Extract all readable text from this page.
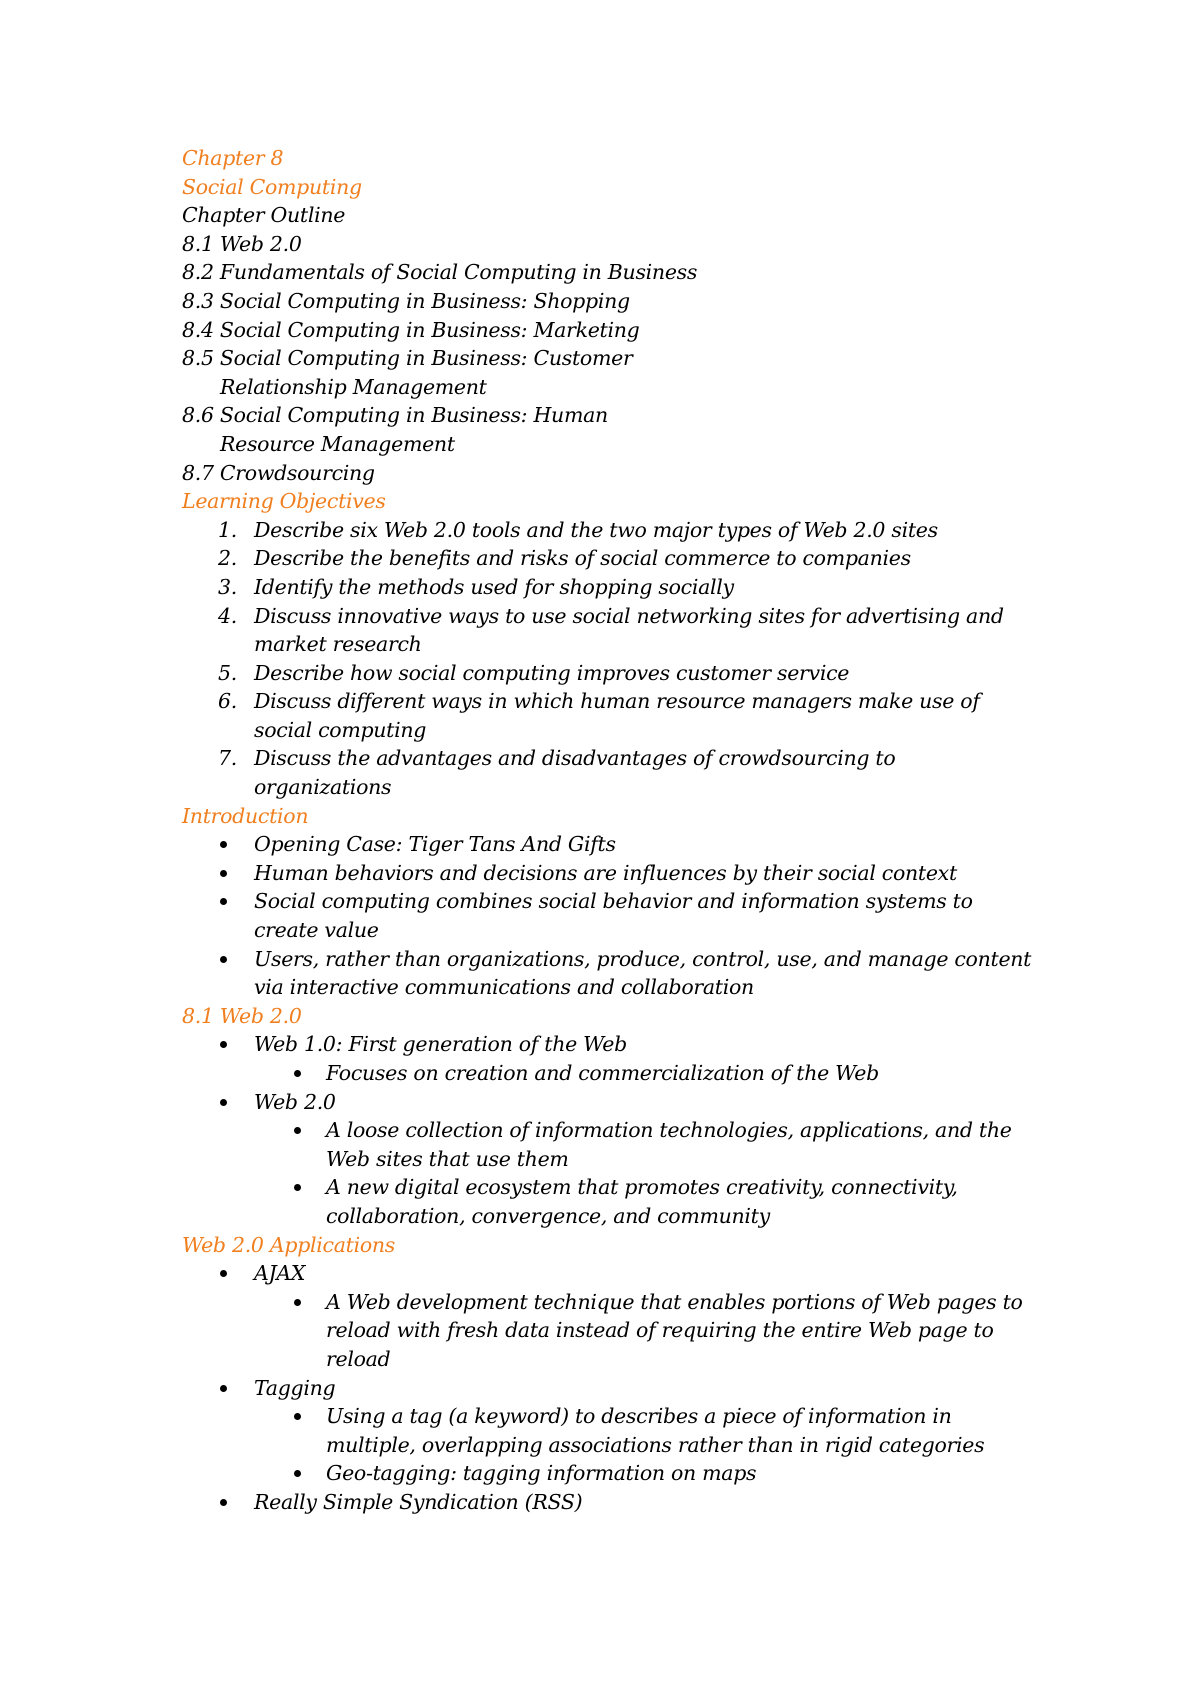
Chapter 8
Social Computing
Chapter Outline
8.1 Web 2.0
8.2 Fundamentals of Social Computing in Business
8.3 Social Computing in Business: Shopping
8.4 Social Computing in Business: Marketing
8.5 Social Computing in Business: Customer
Relationship Management
8.6 Social Computing in Business: Human
Resource Management
8.7 Crowdsourcing
Learning Objectives
1. Describe six Web 2.0 tools and the two major types of Web 2.0 sites
2. Describe the benefits and risks of social commerce to companies
3. Identify the methods used for shopping socially
4. Discuss innovative ways to use social networking sites for advertising and
market research
5. Describe how social computing improves customer service
6. Discuss different ways in which human resource managers make use of
social computing
7. Discuss the advantages and disadvantages of crowdsourcing to
organizations
Introduction
Opening Case: Tiger Tans And Gifts
Human behaviors and decisions are influences by their social context
Social computing combines social behavior and information systems to
create value
Users, rather than organizations, produce, control, use, and manage content
via interactive communications and collaboration
8.1 Web 2.0
Web 1.0: First generation of the Web
Focuses on creation and commercialization of the Web
Web 2.0
A loose collection of information technologies, applications, and the
Web sites that use them
A new digital ecosystem that promotes creativity, connectivity,
collaboration, convergence, and community
Web 2.0 Applications
AJAX
A Web development technique that enables portions of Web pages to
reload with fresh data instead of requiring the entire Web page to
reload
Tagging
Using a tag (a keyword) to describes a piece of information in
multiple, overlapping associations rather than in rigid categories
Geo-tagging: tagging information on maps
Really Simple Syndication (RSS)
